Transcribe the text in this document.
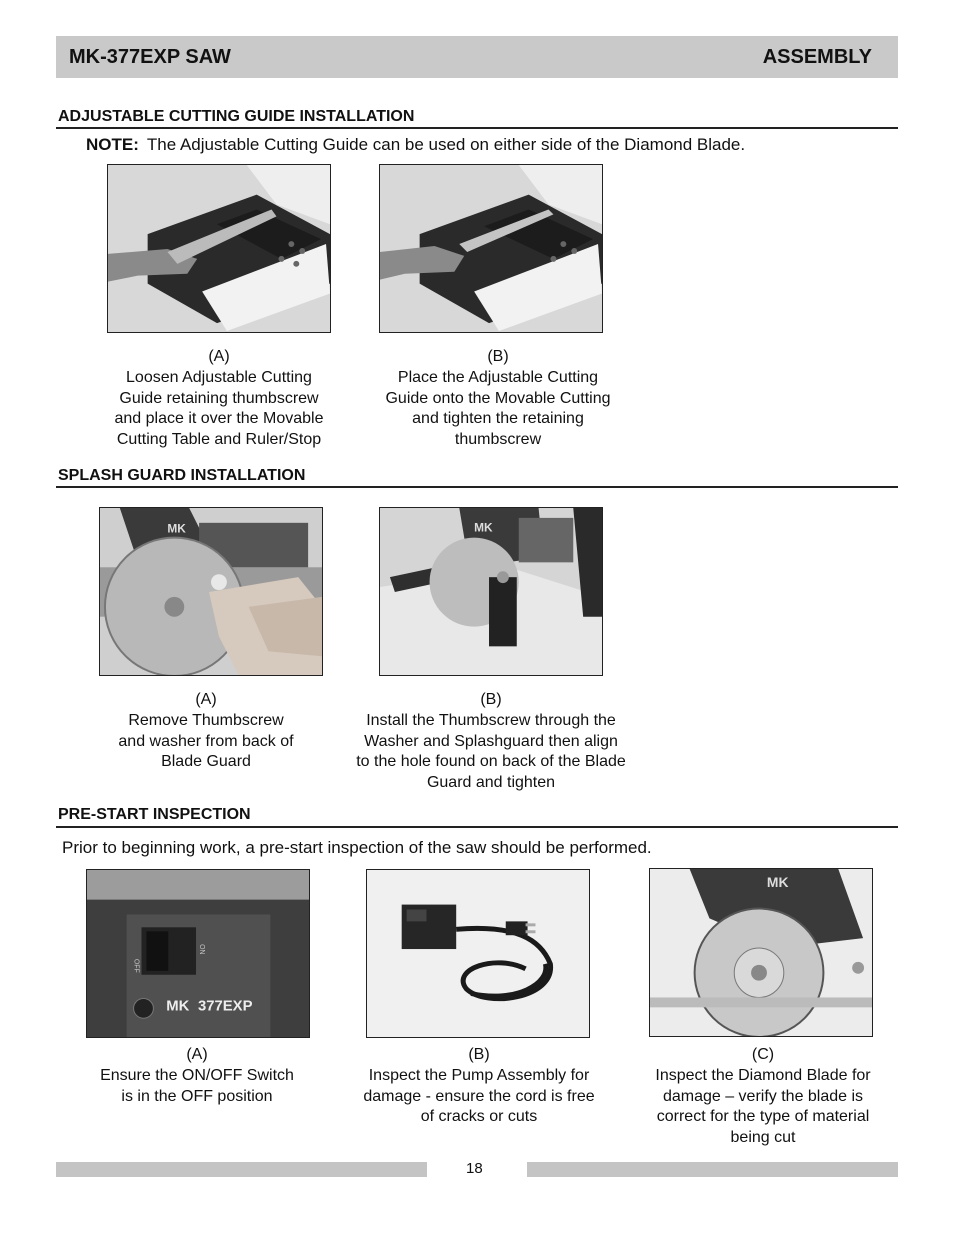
MK-377EXP SAW	ASSEMBLY
ADJUSTABLE CUTTING GUIDE INSTALLATION
NOTE: The Adjustable Cutting Guide can be used on either side of the Diamond Blade.
(A)
Loosen Adjustable Cutting
Guide retaining thumbscrew
and place it over the Movable
Cutting Table and Ruler/Stop
(B)
Place the Adjustable Cutting
Guide onto the Movable Cutting
and tighten the retaining
thumbscrew
SPLASH GUARD INSTALLATION
MK	MK
(A)
Remove Thumbscrew
and washer from back of
Blade Guard
(B)
Install the Thumbscrew through the
Washer and Splashguard then align
to the hole found on back of the Blade
Guard and tighten
PRE-START INSPECTION
Prior to beginning work, a pre-start inspection of the saw should be performed.
OFF
ON
377EXP
MK
MK
(A)
Ensure the ON/OFF Switch
is in the OFF position
(B)
Inspect the Pump Assembly for
damage - ensure the cord is free
of cracks or cuts
(C)
Inspect the Diamond Blade for
damage – verify the blade is
correct for the type of material
being cut
18
